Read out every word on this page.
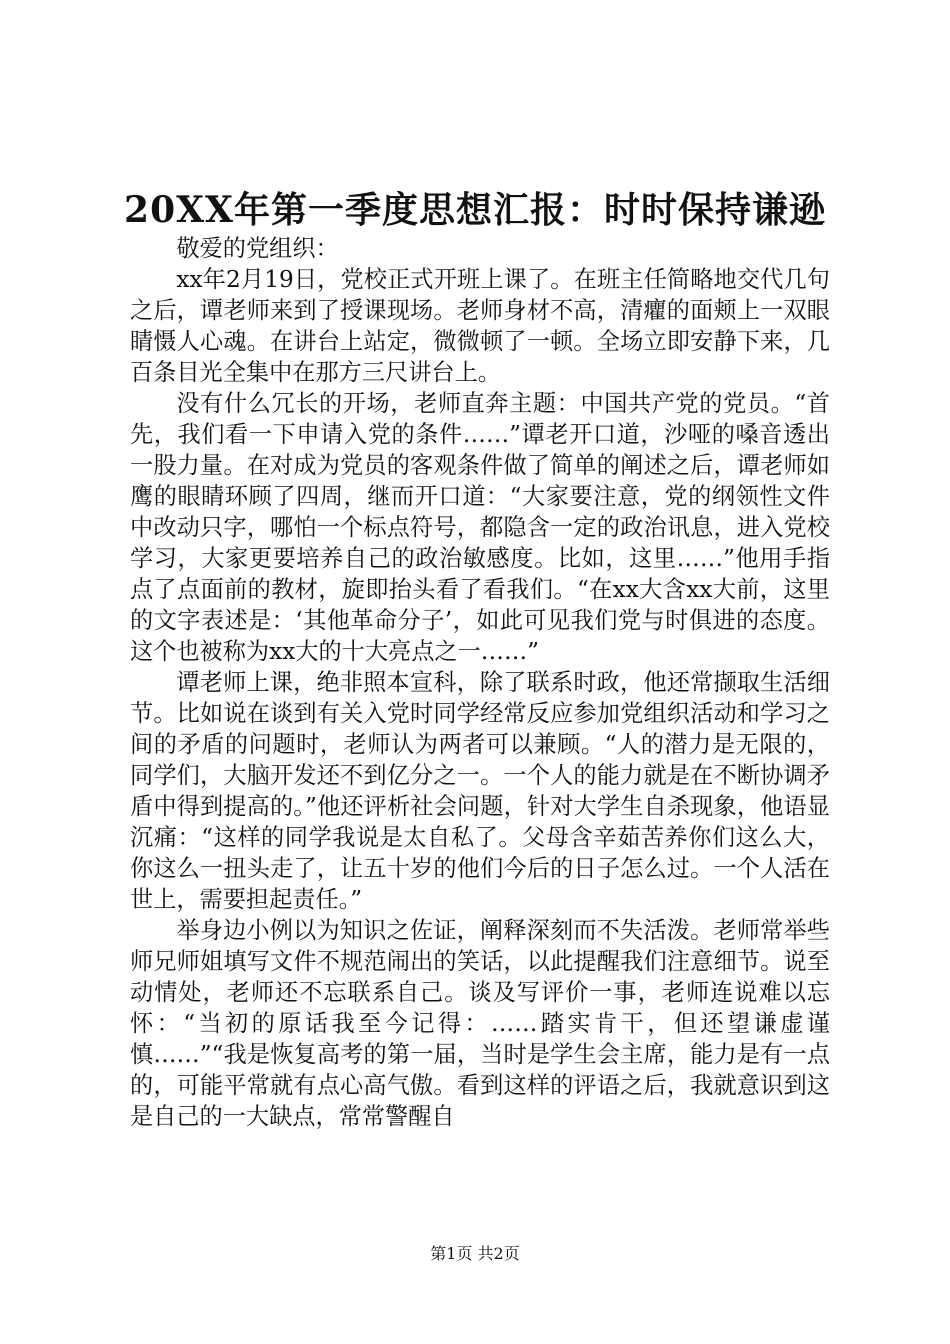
20XX年第一季度思想汇报：时时保持谦逊

敬爱的党组织：

xx年2月19日，党校正式开班上课了。在班主任简略地交代几句之后，谭老师来到了授课现场。老师身材不高，清癯的面颊上一双眼睛慑人心魂。在讲台上站定，微微顿了一顿。全场立即安静下来，几百条目光全集中在那方三尺讲台上。

没有什么冗长的开场，老师直奔主题：中国共产党的党员。“首先，我们看一下申请入党的条件……”谭老开口道，沙哑的嗓音透出一股力量。在对成为党员的客观条件做了简单的阐述之后，谭老师如鹰的眼睛环顾了四周，继而开口道：“大家要注意，党的纲领性文件中改动只字，哪怕一个标点符号，都隐含一定的政治讯息，进入党校学习，大家更要培养自己的政治敏感度。比如，这里……”他用手指点了点面前的教材，旋即抬头看了看我们。“在xx大含xx大前，这里的文字表述是：‘其他革命分子’，如此可见我们党与时俱进的态度。这个也被称为xx大的十大亮点之一……”

谭老师上课，绝非照本宣科，除了联系时政，他还常撷取生活细节。比如说在谈到有关入党时同学经常反应参加党组织活动和学习之间的矛盾的问题时，老师认为两者可以兼顾。“人的潜力是无限的，同学们，大脑开发还不到亿分之一。一个人的能力就是在不断协调矛盾中得到提高的。”他还评析社会问题，针对大学生自杀现象，他语显沉痛：“这样的同学我说是太自私了。父母含辛茹苦养你们这么大，你这么一扭头走了，让五十岁的他们今后的日子怎么过。一个人活在世上，需要担起责任。”

举身边小例以为知识之佐证，阐释深刻而不失活泼。老师常举些师兄师姐填写文件不规范闹出的笑话，以此提醒我们注意细节。说至动情处，老师还不忘联系自己。谈及写评价一事，老师连说难以忘怀：“当初的原话我至今记得：……踏实肯干，但还望谦虚谨慎……”“我是恢复高考的第一届，当时是学生会主席，能力是有一点的，可能平常就有点心高气傲。看到这样的评语之后，我就意识到这是自己的一大缺点，常常警醒自

第1页 共2页
